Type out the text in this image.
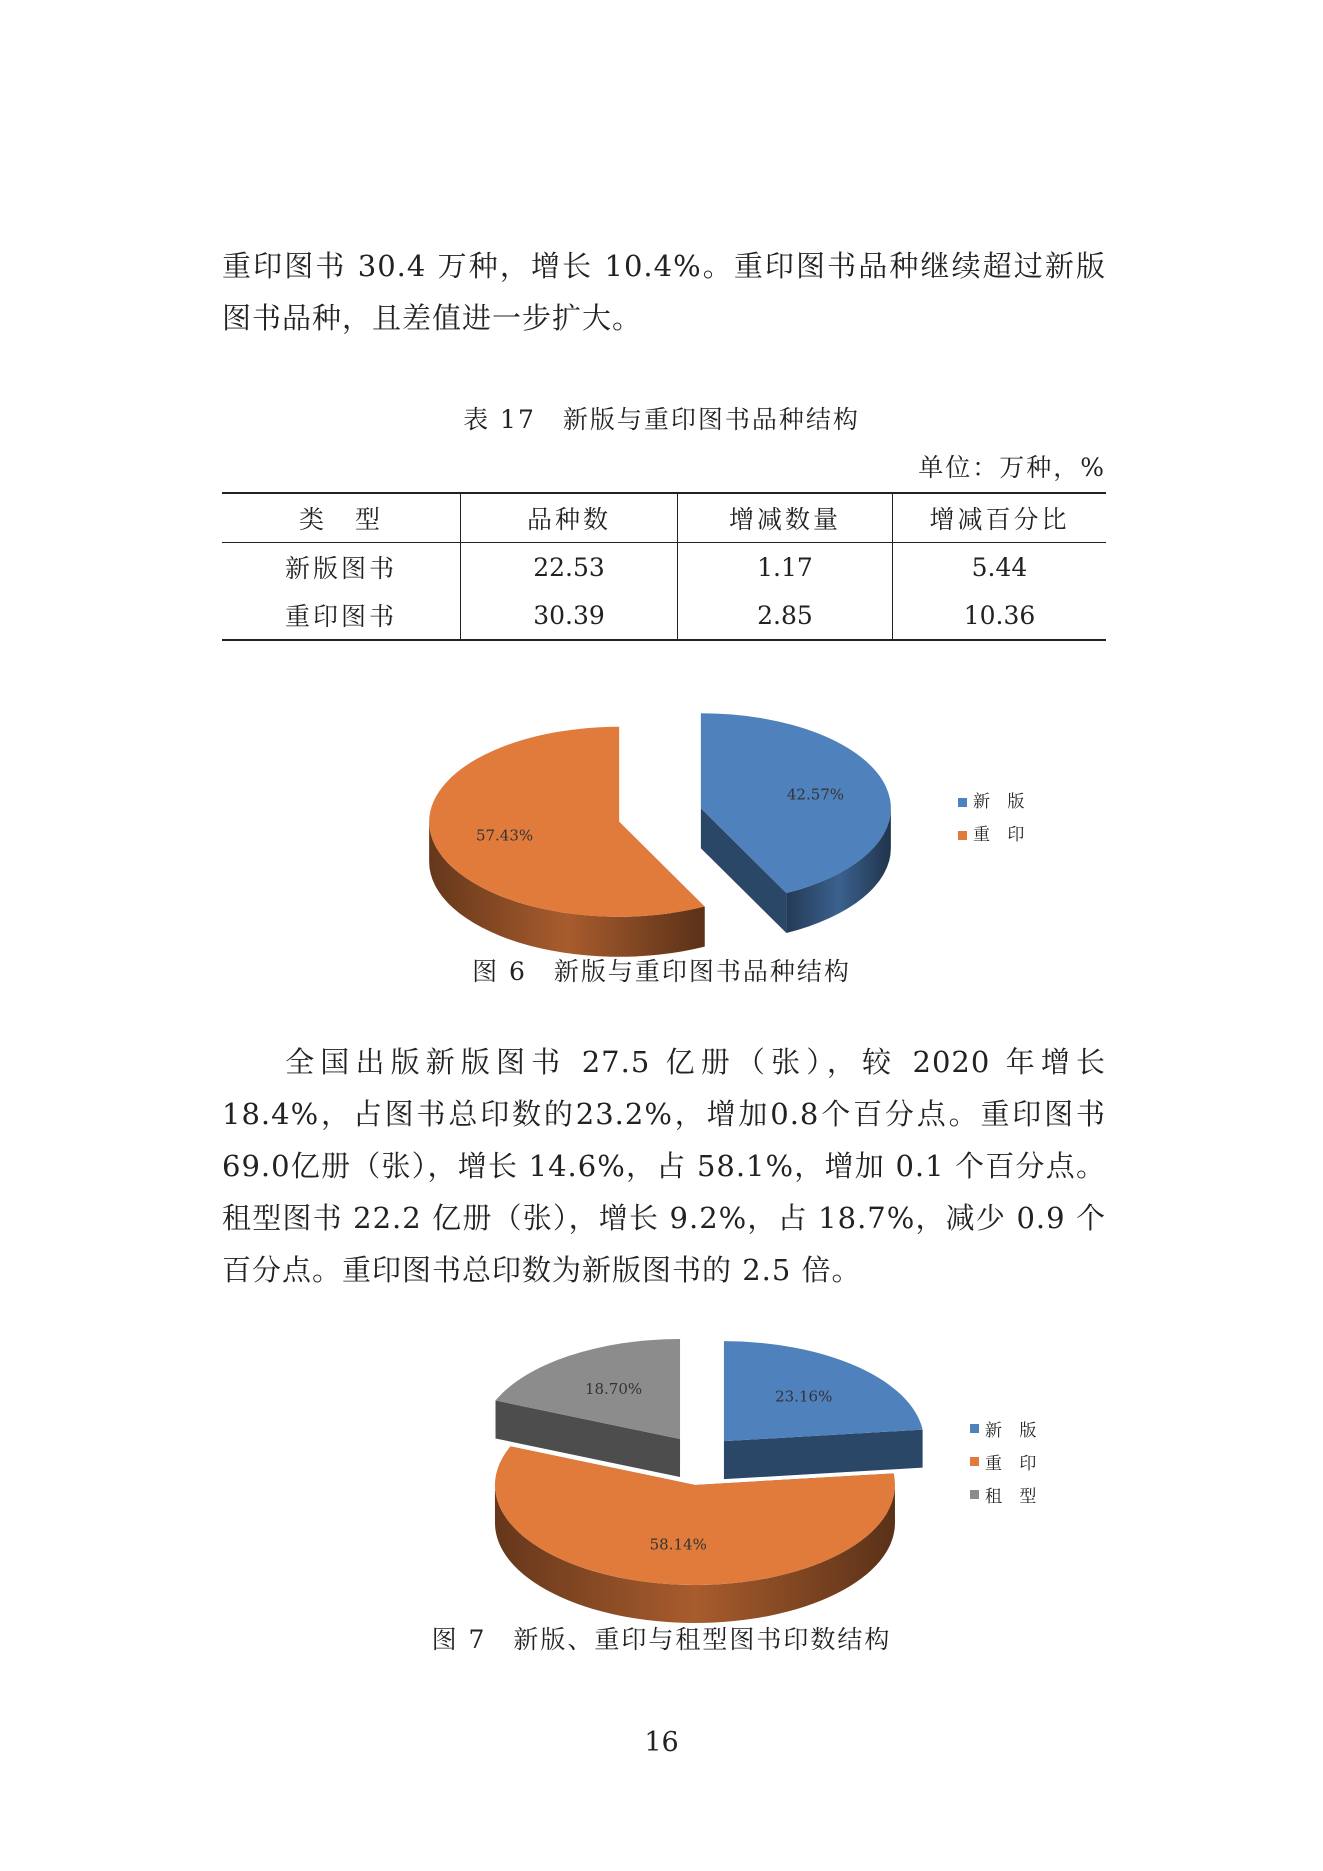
重印图书 30.4 万种，增长 10.4%。重印图书品种继续超过新版图书品种，且差值进一步扩大。

表 17　新版与重印图书品种结构
单位：万种，%
类　型	品种数	增减数量	增减百分比
新版图书	22.53	1.17	5.44
重印图书	30.39	2.85	10.36
42.57%
57.43%
新 版
重 印
图 6　新版与重印图书品种结构

全国出版新版图书 27.5 亿册（张），较 2020 年增长 18.4%，占图书总印数的23.2%，增加0.8个百分点。重印图书69.0亿册（张），增长 14.6%，占 58.1%，增加 0.1 个百分点。租型图书 22.2 亿册（张），增长 9.2%，占 18.7%，减少 0.9 个百分点。重印图书总印数为新版图书的 2.5 倍。

23.16%
58.14%
18.70%
新 版
重 印
租 型
图 7　新版、重印与租型图书印数结构
16
